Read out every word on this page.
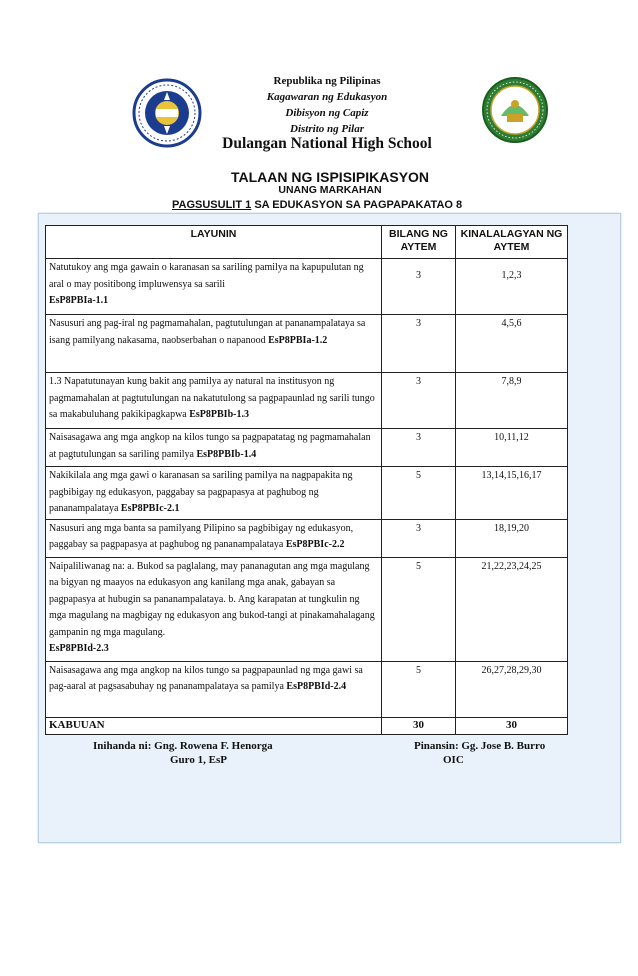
Republika ng Pilipinas
Kagawaran ng Edukasyon
Dibisyon ng Capiz
Distrito ng Pilar
Dulangan National High School
TALAAN NG ISPISIPIKASYON
UNANG MARKAHAN
PAGSUSULIT 1 SA EDUKASYON SA PAGPAPAKATAO 8
LAYUNIN	BILANG NG AYTEM	KINALALAGYAN NG AYTEM
Natutukoy ang mga gawain o karanasan sa sariling pamilya na kapupulutan ng aral o may positibong impluwensya sa sarili
EsP8PBIa-1.1	3	1,2,3
Nasusuri ang pag-iral ng pagmamahalan, pagtutulungan at pananampalataya sa isang pamilyang nakasama, naobserbahan o napanood EsP8PBIa-1.2	3	4,5,6
1.3 Napatutunayan kung bakit ang pamilya ay natural na institusyon ng pagmamahalan at pagtutulungan na nakatutulong sa pagpapaunlad ng sarili tungo sa makabuluhang pakikipagkapwa EsP8PBIb-1.3	3	7,8,9
Naisasagawa ang mga angkop na kilos tungo sa pagpapatatag ng pagmamahalan at pagtutulungan sa sariling pamilya EsP8PBIb-1.4	3	10,11,12
Nakikilala ang mga gawi o karanasan sa sariling pamilya na nagpapakita ng pagbibigay ng edukasyon, paggabay sa pagpapasya at paghubog ng pananampalataya EsP8PBIc-2.1	5	13,14,15,16,17
Nasusuri ang mga banta sa pamilyang Pilipino sa pagbibigay ng edukasyon, paggabay sa pagpapasya at paghubog ng pananampalataya EsP8PBIc-2.2	3	18,19,20
Naipaliliwanag na: a. Bukod sa paglalang, may pananagutan ang mga magulang na bigyan ng maayos na edukasyon ang kanilang mga anak, gabayan sa pagpapasya at hubugin sa pananampalataya. b. Ang karapatan at tungkulin ng mga magulang na magbigay ng edukasyon ang bukod-tangi at pinakamahalagang gampanin ng mga magulang.
EsP8PBId-2.3	5	21,22,23,24,25
Naisasagawa ang mga angkop na kilos tungo sa pagpapaunlad ng mga gawi sa pag-aaral at pagsasabuhay ng pananampalataya sa pamilya EsP8PBId-2.4	5	26,27,28,29,30
KABUUAN	30	30
Inihanda ni: Gng. Rowena F. Henorga
Guro 1, EsP
Pinansin: Gg. Jose B. Burro
OIC
